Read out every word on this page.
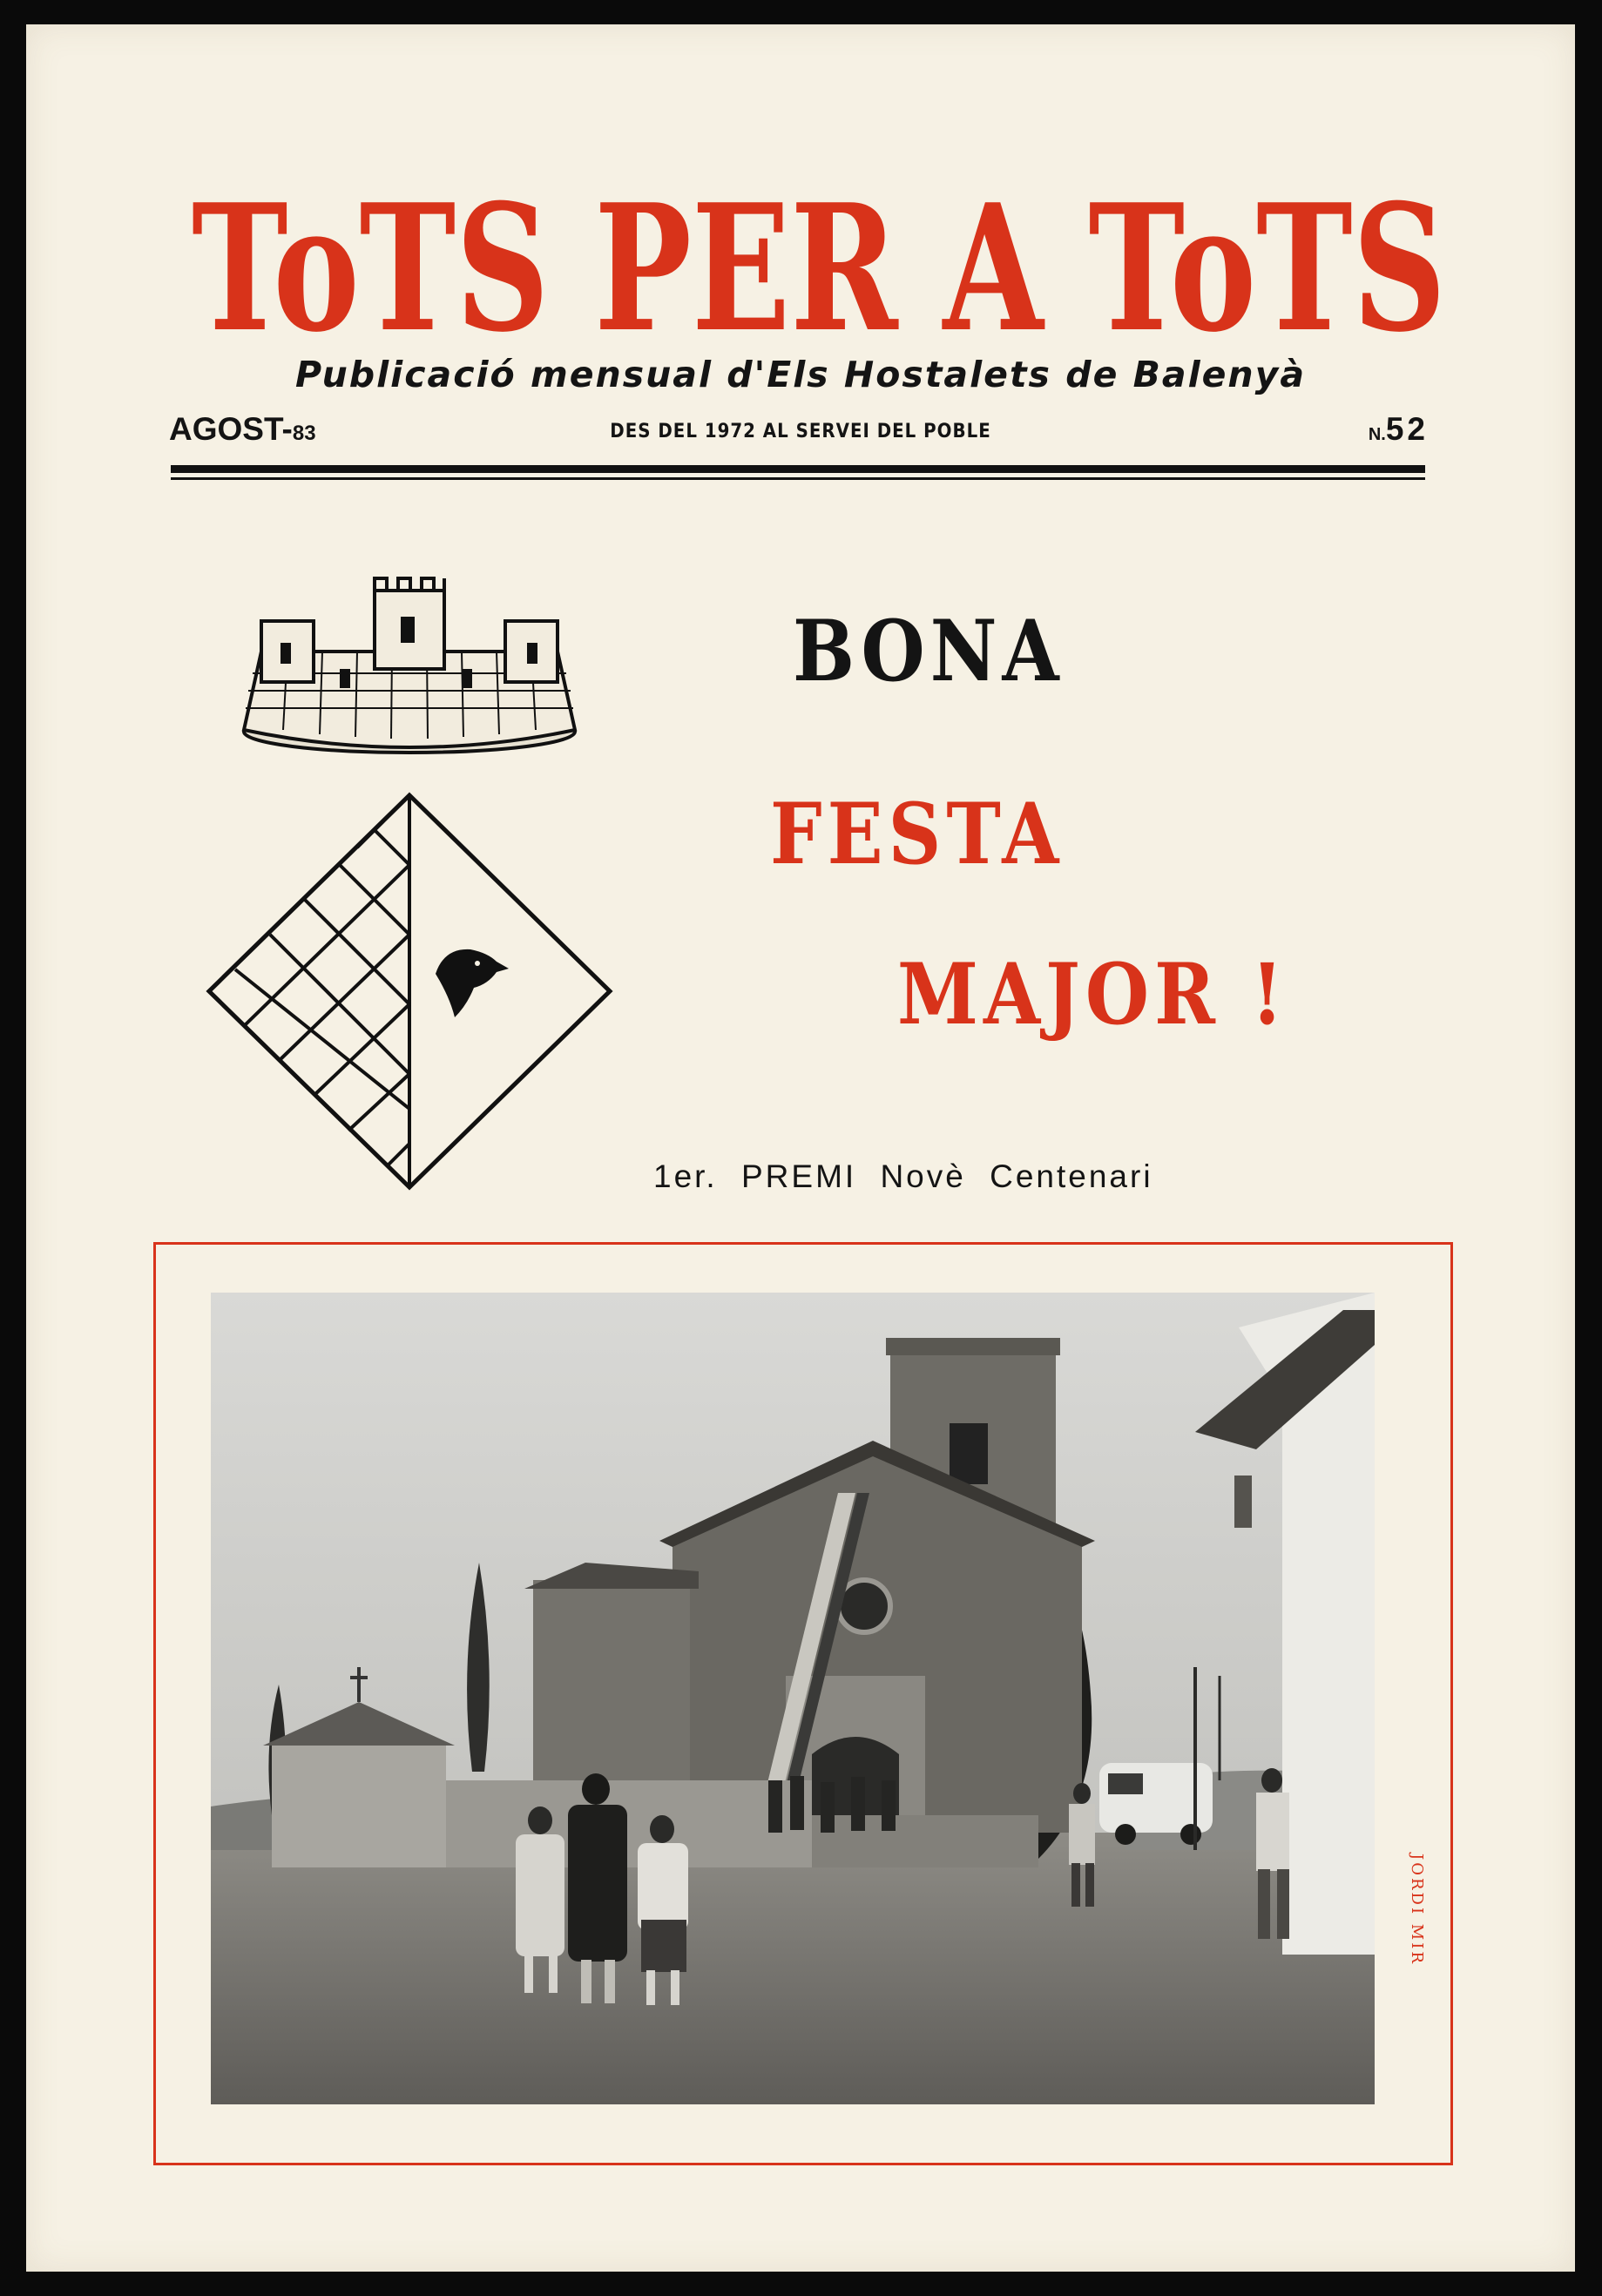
ToTS PER A ToTS
Publicació mensual d'Els Hostalets de Balenyà
AGOST-83	DES DEL 1972 AL SERVEI DEL POBLE	N.52
BONA
FESTA
MAJOR !
1er. PREMI Novè Centenari
JORDI MIR
